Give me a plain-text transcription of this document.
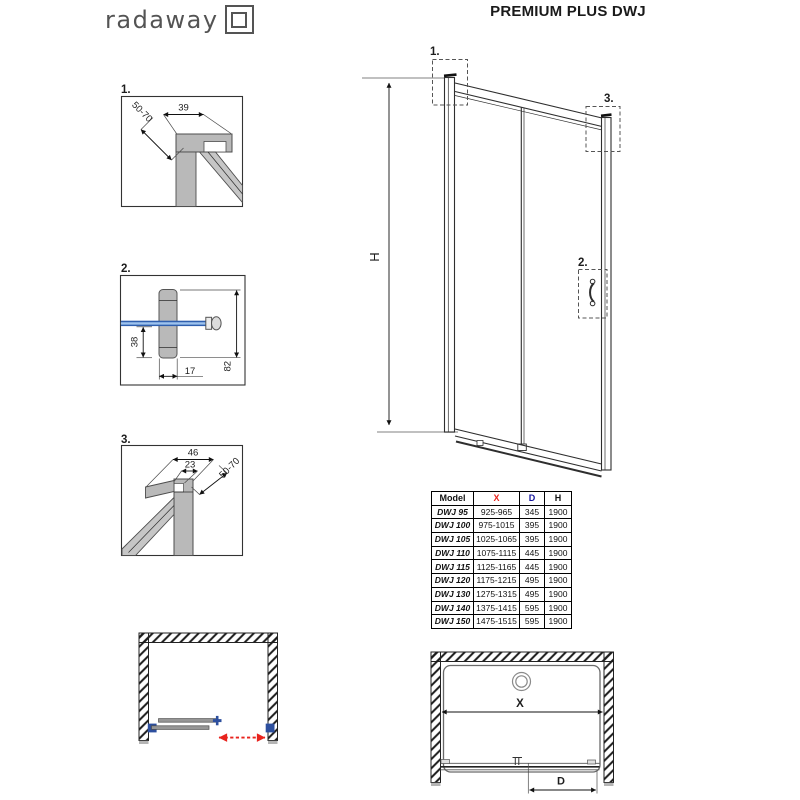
radaway	PREMIUM PLUS DWJ
1.
39
50-70
2.
38
17	82
3.
46
23 50-70
H
1.
3.
2.
X
D
Model	X	D	H
DWJ 95	925-965	345	1900
DWJ 100	975-1015	395	1900
DWJ 105	1025-1065	395	1900
DWJ 110	1075-1115	445	1900
DWJ 115	1125-1165	445	1900
DWJ 120	1175-1215	495	1900
DWJ 130	1275-1315	495	1900
DWJ 140	1375-1415	595	1900
DWJ 150	1475-1515	595	1900
